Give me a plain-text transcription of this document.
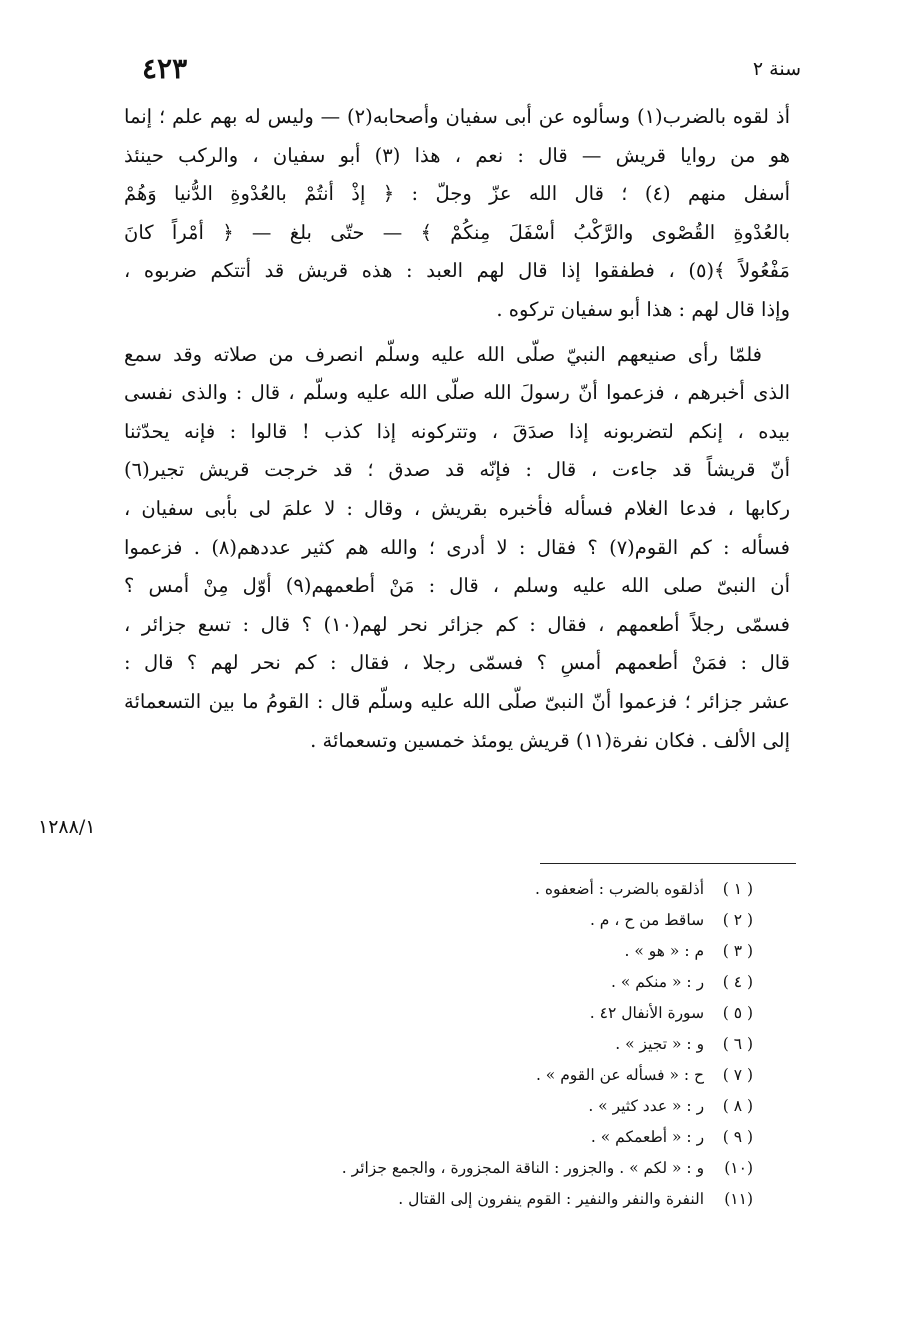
٤٢٣	سنة ٢
أذ لقوه بالضرب(١) وسألوه عن أبى سفيان وأصحابه(٢) — وليس له بهم علم ؛ إنما
هو من روايا قريش — قال : نعم ، هذا (٣) أبو سفيان ، والركب حينئذ
أسفل منهم (٤) ؛ قال الله عزّ وجلّ : ﴿ إذْ أنتُمْ بالعُدْوةِ الدُّنيا وَهُمْ
بالعُدْوةِ القُصْوى والرَّكْبُ أسْفَلَ مِنكُمْ ﴾ — حتّى بلغ — ﴿ أمْراً كانَ
مَفْعُولاً ﴾(٥) ، فطفقوا إذا قال لهم العبد : هذه قريش قد أتتكم ضربوه ،
وإذا قال لهم : هذا أبو سفيان تركوه .
فلمّا رأى صنيعهم النبيّ صلّى الله عليه وسلّم انصرف من صلاته وقد سمع
الذى أخبرهم ، فزعموا أنّ رسولَ الله صلّى الله عليه وسلّم ، قال : والذى نفسى
بيده ، إنكم لتضربونه إذا صدَقَ ، وتتركونه إذا كذب ! قالوا : فإنه يحدّثنا
أنّ قريشاً قد جاءت ، قال : فإنّه قد صدق ؛ قد خرجت قريش تجير(٦)
ركابها ، فدعا الغلام فسأله فأخبره بقريش ، وقال : لا علمَ لى بأبى سفيان ،
فسأله : كم القوم(٧) ؟ فقال : لا أدرى ؛ والله هم كثير عددهم(٨) . فزعموا
أن النبىّ صلى الله عليه وسلم ، قال : مَنْ أطعمهم(٩) أوّل مِنْ أمس ؟
فسمّى رجلاً أطعمهم ، فقال : كم جزائر نحر لهم(١٠) ؟ قال : تسع جزائر ،
قال : فمَنْ أطعمهم أمسِ ؟ فسمّى رجلا ، فقال : كم نحر لهم ؟ قال :
عشر جزائر ؛ فزعموا أنّ النبىّ صلّى الله عليه وسلّم قال : القومُ ما بين التسعمائة
إلى الألف . فكان نفرة(١١) قريش يومئذ خمسين وتسعمائة .
١٢٨٨/١
( ١ ) أذلقوه بالضرب : أضعفوه .
( ٢ ) ساقط من ح ، م .
( ٣ ) م : « هو » .
( ٤ ) ر : « منكم » .
( ٥ ) سورة الأنفال ٤٢ .
( ٦ ) و : « تجيز » .
( ٧ ) ح : « فسأله عن القوم » .
( ٨ ) ر : « عدد كثير » .
( ٩ ) ر : « أطعمكم » .
(١٠) و : « لكم » . والجزور : الناقة المجزورة ، والجمع جزائر .
(١١) النفرة والنفر والنفير : القوم ينفرون إلى القتال .
